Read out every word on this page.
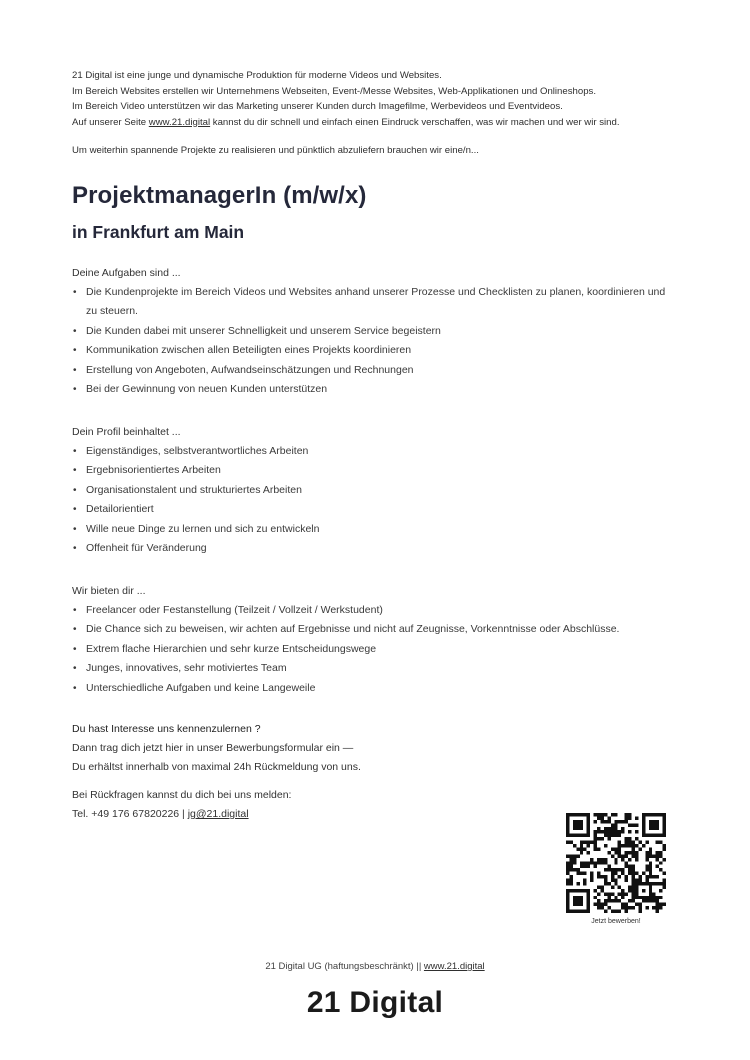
21 Digital ist eine junge und dynamische Produktion für moderne Videos und Websites.

Im Bereich Websites erstellen wir Unternehmens Webseiten, Event-/Messe Websites, Web-Applikationen und Onlineshops.

Im Bereich Video unterstützen wir das Marketing unserer Kunden durch Imagefilme, Werbevideos und Eventvideos.

Auf unserer Seite www.21.digital kannst du dir schnell und einfach einen Eindruck verschaffen, was wir machen und wer wir sind.

Um weiterhin spannende Projekte zu realisieren und pünktlich abzuliefern brauchen wir eine/n...

ProjektmanagerIn (m/w/x)
in Frankfurt am Main
Deine Aufgaben sind ...
• Die Kundenprojekte im Bereich Videos und Websites anhand unserer Prozesse und Checklisten zu planen, koordinieren und zu steuern.
• Die Kunden dabei mit unserer Schnelligkeit und unserem Service begeistern
• Kommunikation zwischen allen Beteiligten eines Projekts koordinieren
• Erstellung von Angeboten, Aufwandseinschätzungen und Rechnungen
• Bei der Gewinnung von neuen Kunden unterstützen
Dein Profil beinhaltet ...
• Eigenständiges, selbstverantwortliches Arbeiten
• Ergebnisorientiertes Arbeiten
• Organisationstalent und strukturiertes Arbeiten
• Detailorientiert
• Wille neue Dinge zu lernen und sich zu entwickeln
• Offenheit für Veränderung
Wir bieten dir ...
• Freelancer oder Festanstellung (Teilzeit / Vollzeit / Werkstudent)
• Die Chance sich zu beweisen, wir achten auf Ergebnisse und nicht auf Zeugnisse, Vorkenntnisse oder Abschlüsse.
• Extrem flache Hierarchien und sehr kurze Entscheidungswege
• Junges, innovatives, sehr motiviertes Team
• Unterschiedliche Aufgaben und keine Langeweile

Du hast Interesse uns kennenzulernen ?

Dann trag dich jetzt hier in unser Bewerbungsformular ein —

Du erhältst innerhalb von maximal 24h Rückmeldung von uns.

Bei Rückfragen kannst du dich bei uns melden:

Tel. +49 176 67820226 | jg@21.digital

Jetzt bewerben!
21 Digital UG (haftungsbeschränkt) || www.21.digital
21 Digital
